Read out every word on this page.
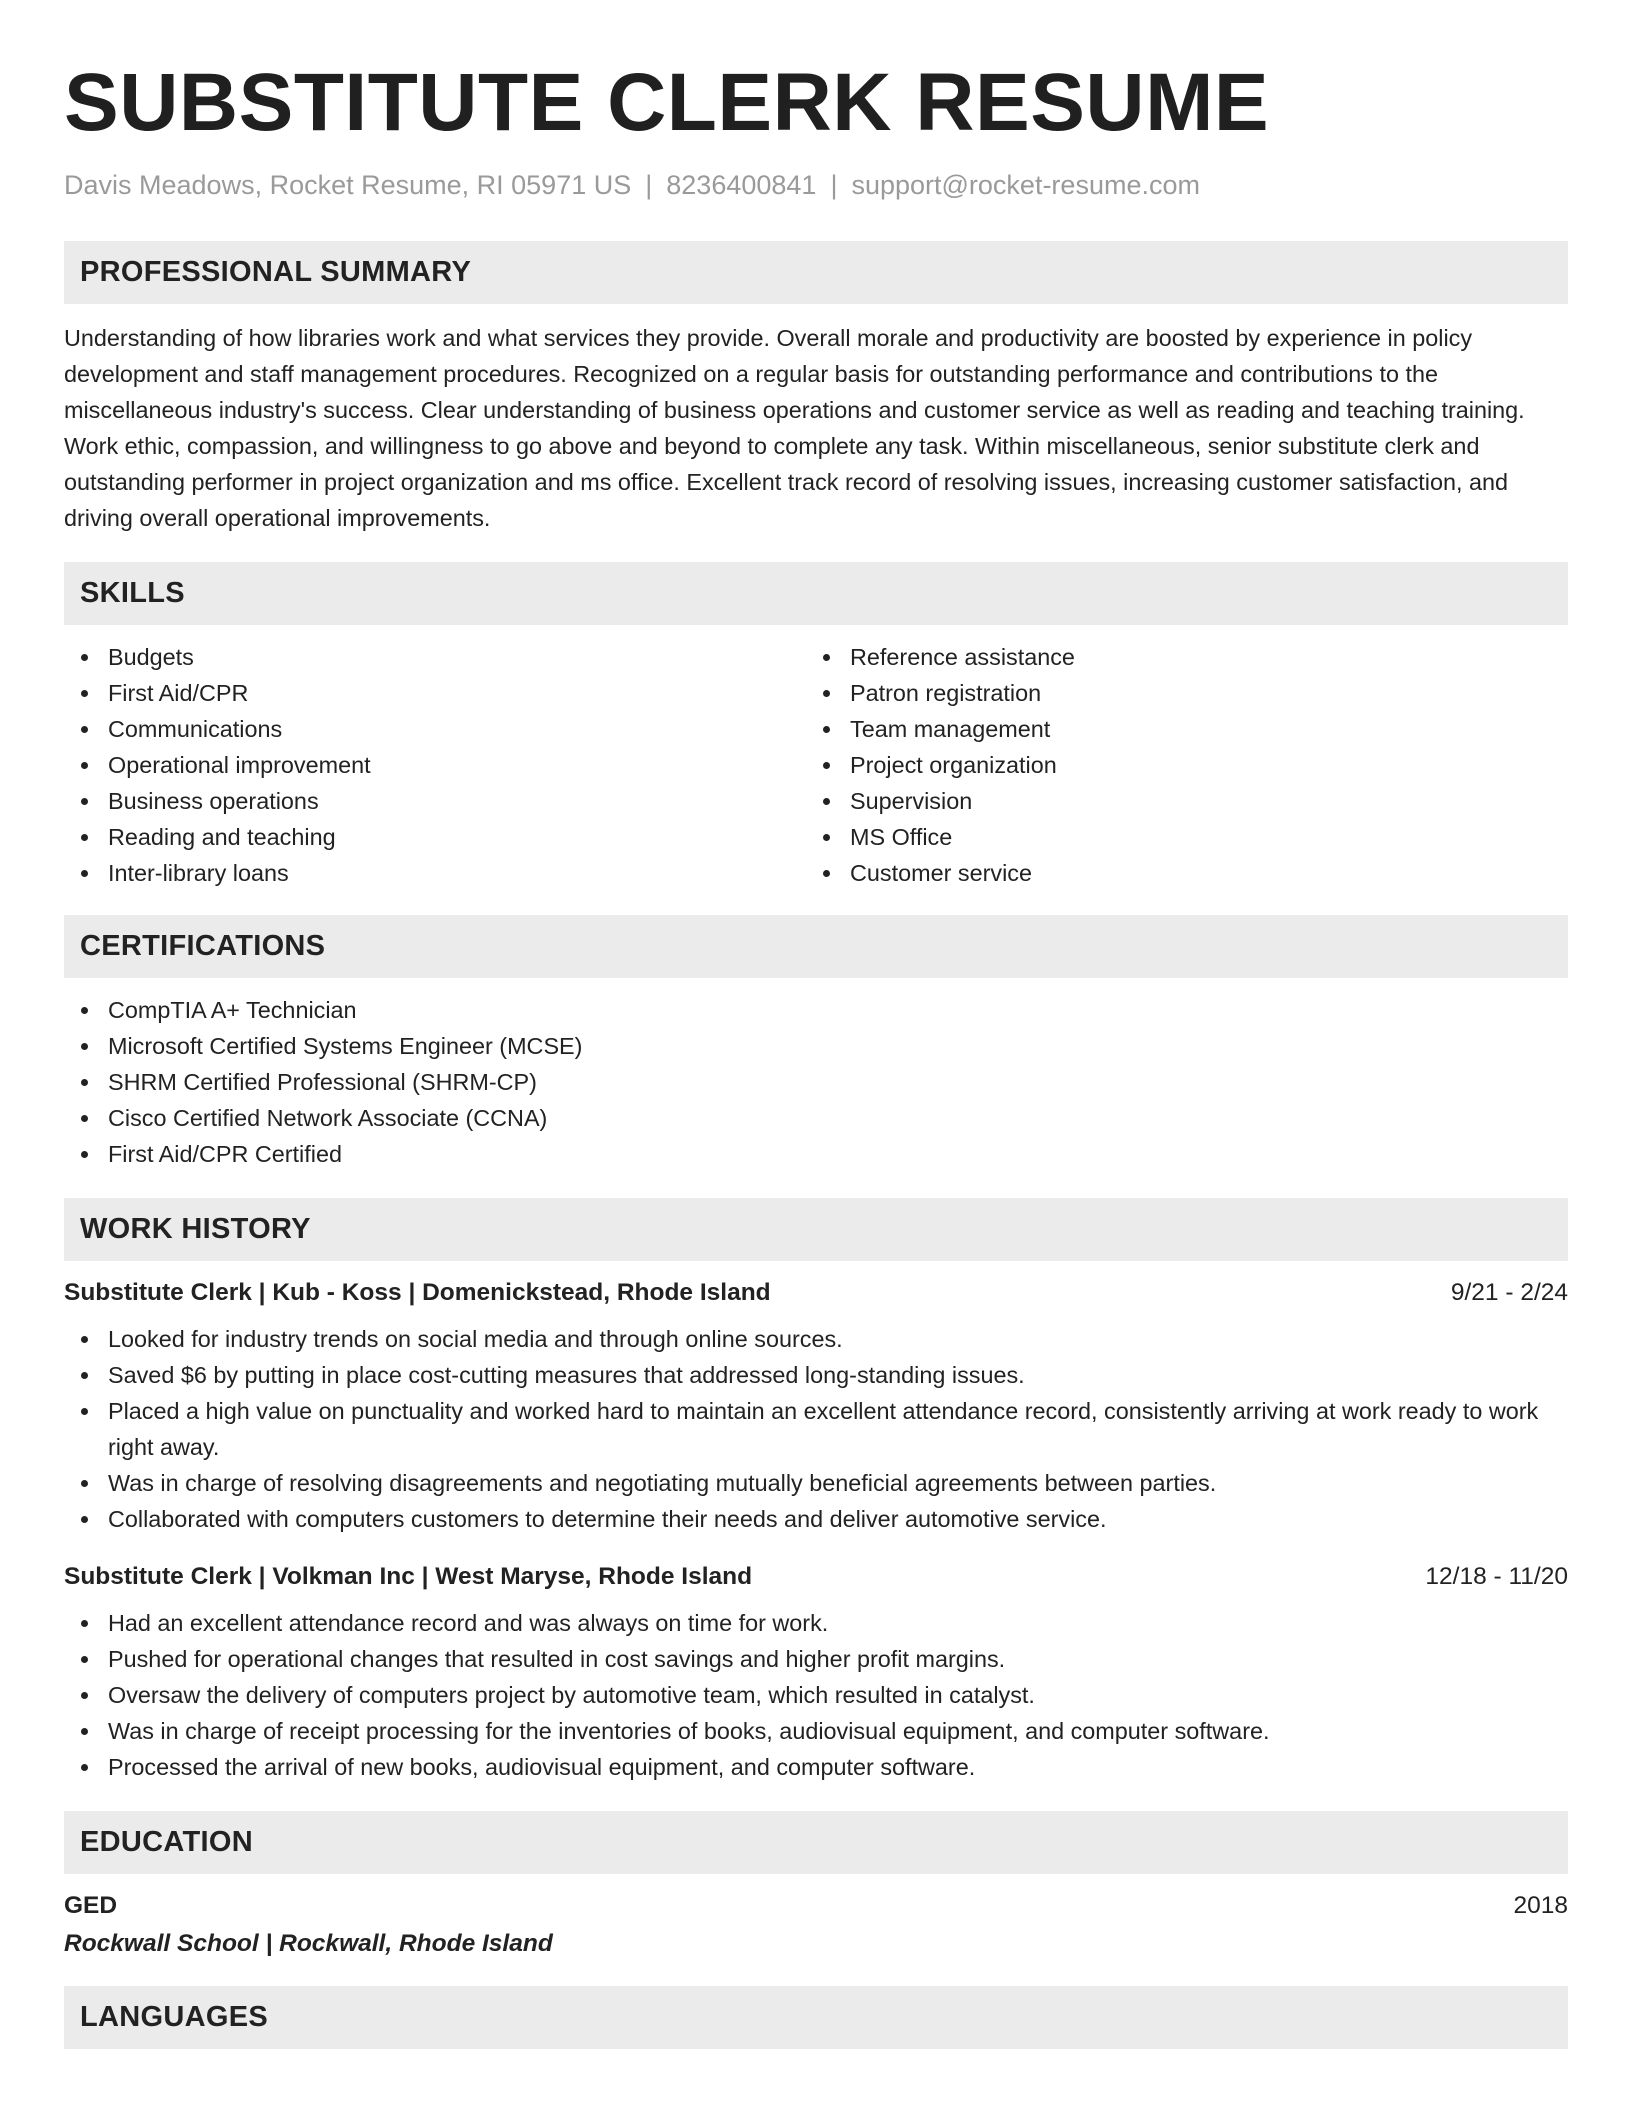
SUBSTITUTE CLERK RESUME
Davis Meadows, Rocket Resume, RI 05971 US | 8236400841 | support@rocket-resume.com
PROFESSIONAL SUMMARY

Understanding of how libraries work and what services they provide. Overall morale and productivity are boosted by experience in policy development and staff management procedures. Recognized on a regular basis for outstanding performance and contributions to the miscellaneous industry's success. Clear understanding of business operations and customer service as well as reading and teaching training. Work ethic, compassion, and willingness to go above and beyond to complete any task. Within miscellaneous, senior substitute clerk and outstanding performer in project organization and ms office. Excellent track record of resolving issues, increasing customer satisfaction, and driving overall operational improvements.

SKILLS
Budgets
First Aid/CPR
Communications
Operational improvement
Business operations
Reading and teaching
Inter-library loans
Reference assistance
Patron registration
Team management
Project organization
Supervision
MS Office
Customer service
CERTIFICATIONS
CompTIA A+ Technician
Microsoft Certified Systems Engineer (MCSE)
SHRM Certified Professional (SHRM-CP)
Cisco Certified Network Associate (CCNA)
First Aid/CPR Certified
WORK HISTORY
Substitute Clerk | Kub - Koss | Domenickstead, Rhode Island	9/21 - 2/24
Looked for industry trends on social media and through online sources.
Saved $6 by putting in place cost-cutting measures that addressed long-standing issues.
Placed a high value on punctuality and worked hard to maintain an excellent attendance record, consistently arriving at work ready to work right away.
Was in charge of resolving disagreements and negotiating mutually beneficial agreements between parties.
Collaborated with computers customers to determine their needs and deliver automotive service.
Substitute Clerk | Volkman Inc | West Maryse, Rhode Island	12/18 - 11/20
Had an excellent attendance record and was always on time for work.
Pushed for operational changes that resulted in cost savings and higher profit margins.
Oversaw the delivery of computers project by automotive team, which resulted in catalyst.
Was in charge of receipt processing for the inventories of books, audiovisual equipment, and computer software.
Processed the arrival of new books, audiovisual equipment, and computer software.
EDUCATION
GED	2018
Rockwall School | Rockwall, Rhode Island
LANGUAGES
